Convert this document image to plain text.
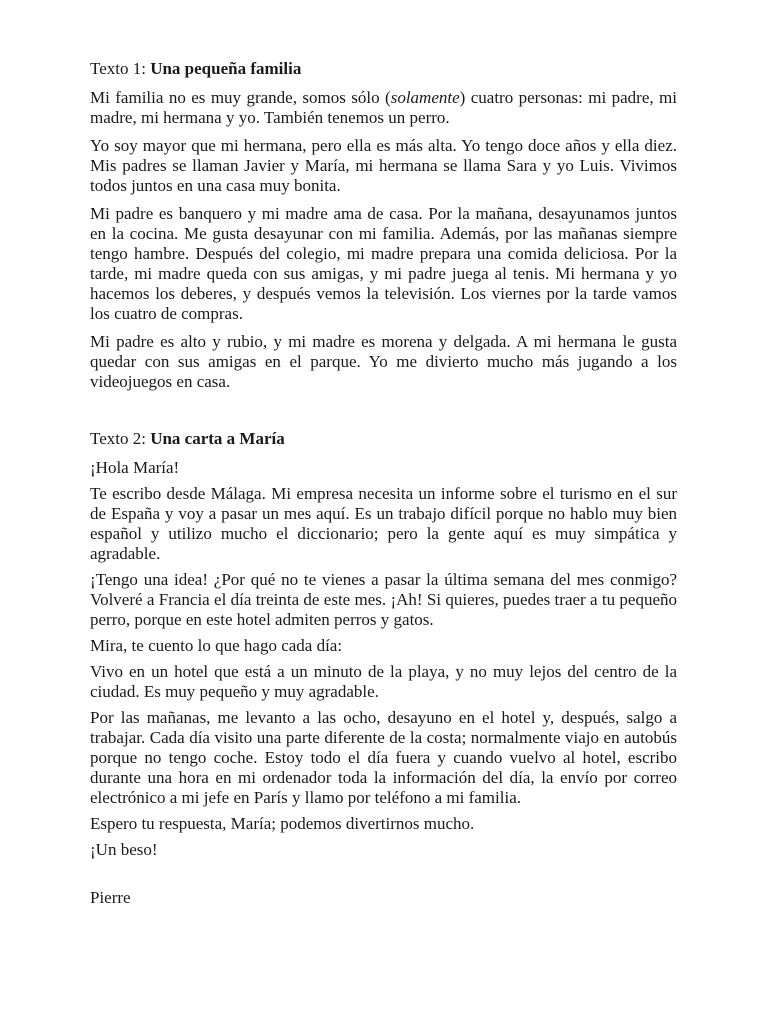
Texto 1: Una pequeña familia

Mi familia no es muy grande, somos sólo (solamente) cuatro personas: mi padre, mi madre, mi hermana y yo. También tenemos un perro.

Yo soy mayor que mi hermana, pero ella es más alta. Yo tengo doce años y ella diez. Mis padres se llaman Javier y María, mi hermana se llama Sara y yo Luis. Vivimos todos juntos en una casa muy bonita.

Mi padre es banquero y mi madre ama de casa. Por la mañana, desayunamos juntos en la cocina. Me gusta desayunar con mi familia. Además, por las mañanas siempre tengo hambre. Después del colegio, mi madre prepara una comida deliciosa. Por la tarde, mi madre queda con sus amigas, y mi padre juega al tenis. Mi hermana y yo hacemos los deberes, y después vemos la televisión. Los viernes por la tarde vamos los cuatro de compras.

Mi padre es alto y rubio, y mi madre es morena y delgada. A mi hermana le gusta quedar con sus amigas en el parque. Yo me divierto mucho más jugando a los videojuegos en casa.

Texto 2: Una carta a María

¡Hola María!

Te escribo desde Málaga. Mi empresa necesita un informe sobre el turismo en el sur de España y voy a pasar un mes aquí. Es un trabajo difícil porque no hablo muy bien español y utilizo mucho el diccionario; pero la gente aquí es muy simpática y agradable.

¡Tengo una idea! ¿Por qué no te vienes a pasar la última semana del mes conmigo? Volveré a Francia el día treinta de este mes. ¡Ah! Si quieres, puedes traer a tu pequeño perro, porque en este hotel admiten perros y gatos.

Mira, te cuento lo que hago cada día:

Vivo en un hotel que está a un minuto de la playa, y no muy lejos del centro de la ciudad. Es muy pequeño y muy agradable.

Por las mañanas, me levanto a las ocho, desayuno en el hotel y, después, salgo a trabajar. Cada día visito una parte diferente de la costa; normalmente viajo en autobús porque no tengo coche. Estoy todo el día fuera y cuando vuelvo al hotel, escribo durante una hora en mi ordenador toda la información del día, la envío por correo electrónico a mi jefe en París y llamo por teléfono a mi familia.

Espero tu respuesta, María; podemos divertirnos mucho.

¡Un beso!

Pierre
